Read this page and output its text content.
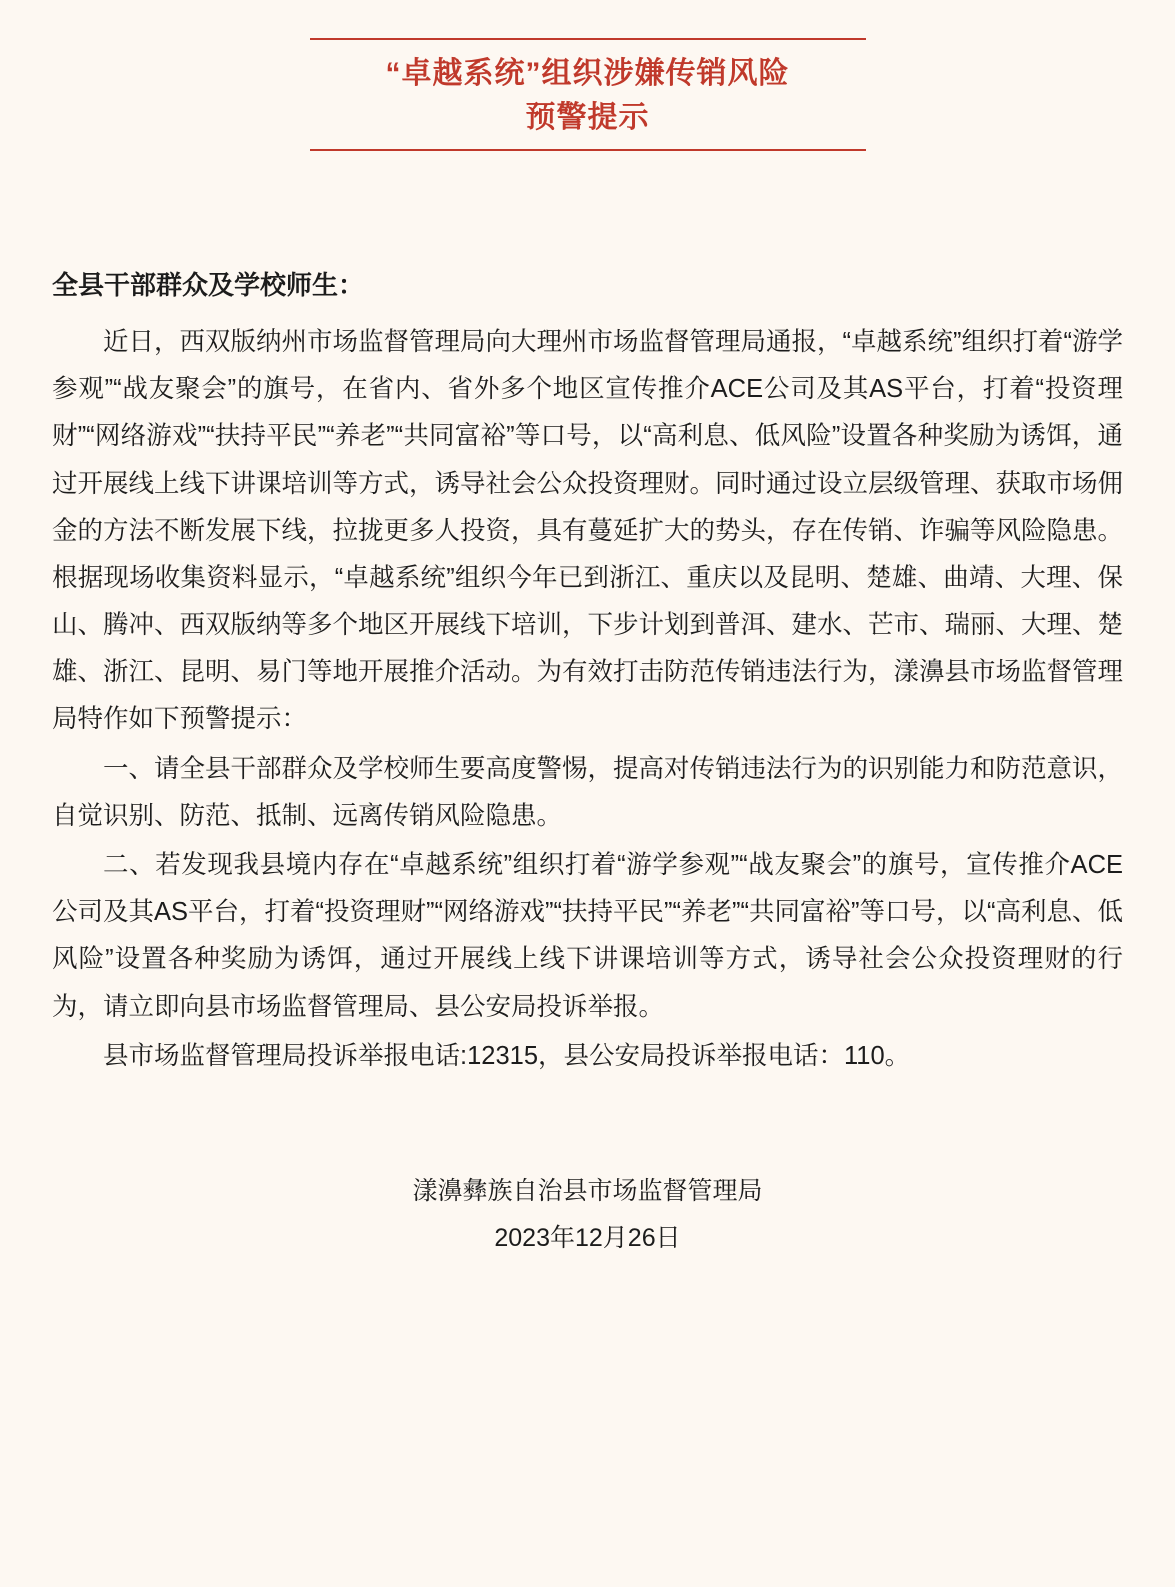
“卓越系统”组织涉嫌传销风险
预警提示
全县干部群众及学校师生：

近日，西双版纳州市场监督管理局向大理州市场监督管理局通报，“卓越系统”组织打着“游学参观”“战友聚会”的旗号，在省内、省外多个地区宣传推介ACE公司及其AS平台，打着“投资理财”“网络游戏”“扶持平民”“养老”“共同富裕”等口号，以“高利息、低风险”设置各种奖励为诱饵，通过开展线上线下讲课培训等方式，诱导社会公众投资理财。同时通过设立层级管理、获取市场佣金的方法不断发展下线，拉拢更多人投资，具有蔓延扩大的势头，存在传销、诈骗等风险隐患。根据现场收集资料显示，“卓越系统”组织今年已到浙江、重庆以及昆明、楚雄、曲靖、大理、保山、腾冲、西双版纳等多个地区开展线下培训，下步计划到普洱、建水、芒市、瑞丽、大理、楚雄、浙江、昆明、易门等地开展推介活动。为有效打击防范传销违法行为，漾濞县市场监督管理局特作如下预警提示：

一、请全县干部群众及学校师生要高度警惕，提高对传销违法行为的识别能力和防范意识，自觉识别、防范、抵制、远离传销风险隐患。

二、若发现我县境内存在“卓越系统”组织打着“游学参观”“战友聚会”的旗号，宣传推介ACE公司及其AS平台，打着“投资理财”“网络游戏”“扶持平民”“养老”“共同富裕”等口号，以“高利息、低风险”设置各种奖励为诱饵，通过开展线上线下讲课培训等方式，诱导社会公众投资理财的行为，请立即向县市场监督管理局、县公安局投诉举报。

县市场监督管理局投诉举报电话:12315，县公安局投诉举报电话：110。

漾濞彝族自治县市场监督管理局
2023年12月26日
